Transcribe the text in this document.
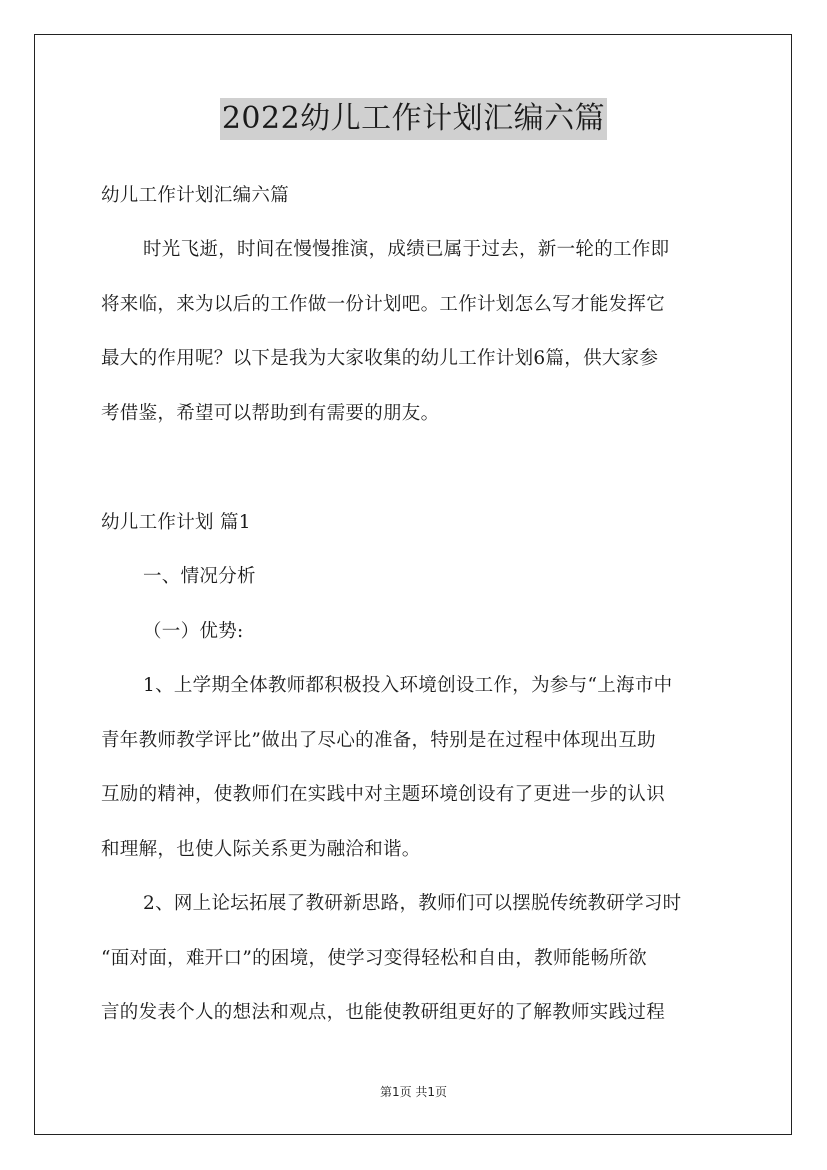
2022幼儿工作计划汇编六篇
幼儿工作计划汇编六篇
时光飞逝，时间在慢慢推演，成绩已属于过去，新一轮的工作即
将来临，来为以后的工作做一份计划吧。工作计划怎么写才能发挥它
最大的作用呢？以下是我为大家收集的幼儿工作计划6篇，供大家参
考借鉴，希望可以帮助到有需要的朋友。
幼儿工作计划 篇1
一、情况分析
（一）优势:
1、上学期全体教师都积极投入环境创设工作，为参与“上海市中
青年教师教学评比”做出了尽心的准备，特别是在过程中体现出互助
互励的精神，使教师们在实践中对主题环境创设有了更进一步的认识
和理解，也使人际关系更为融洽和谐。
2、网上论坛拓展了教研新思路，教师们可以摆脱传统教研学习时
“面对面，难开口”的困境，使学习变得轻松和自由，教师能畅所欲
言的发表个人的想法和观点，也能使教研组更好的了解教师实践过程
第1页 共1页
